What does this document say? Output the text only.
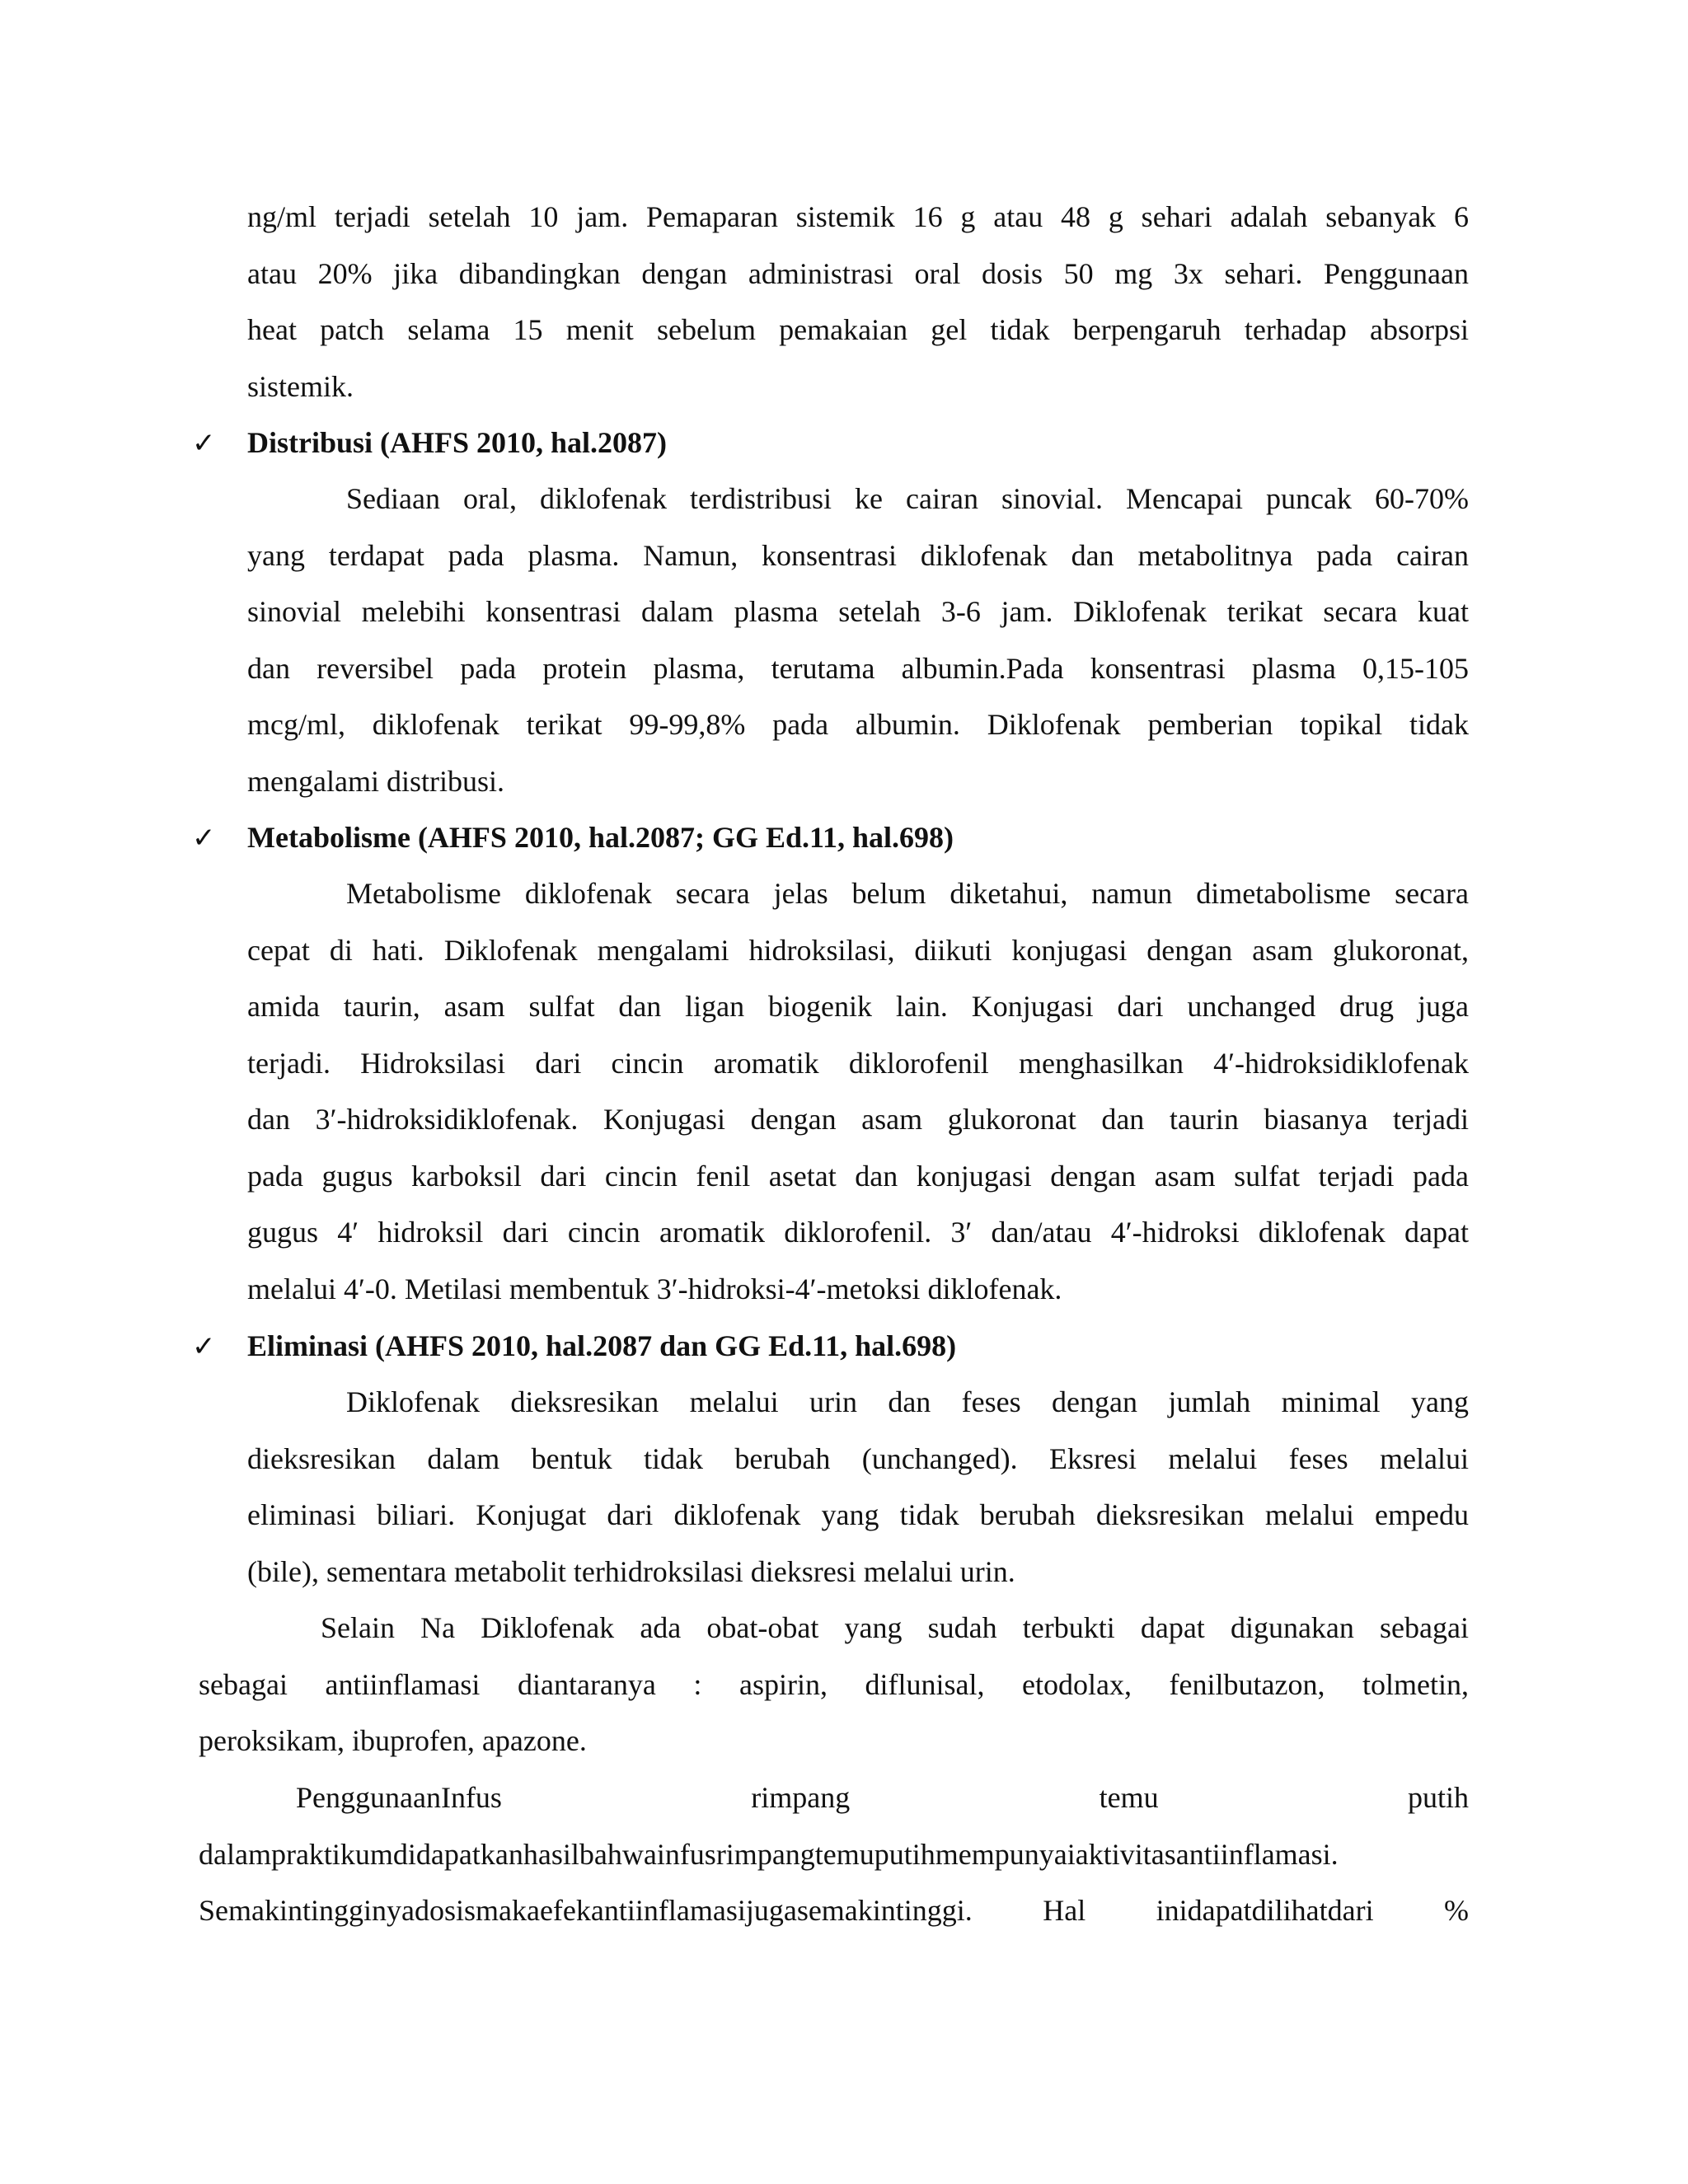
ng/ml terjadi setelah 10 jam. Pemaparan sistemik 16 g atau 48 g sehari adalah sebanyak 6
atau 20% jika dibandingkan dengan administrasi oral dosis 50 mg 3x sehari. Penggunaan
heat patch selama 15 menit sebelum pemakaian gel tidak berpengaruh terhadap absorpsi
sistemik.
✓ Distribusi (AHFS 2010, hal.2087)
Sediaan oral, diklofenak terdistribusi ke cairan sinovial. Mencapai puncak 60-70%
yang terdapat pada plasma. Namun, konsentrasi diklofenak dan metabolitnya pada cairan
sinovial melebihi konsentrasi dalam plasma setelah 3-6 jam. Diklofenak terikat secara kuat
dan reversibel pada protein plasma, terutama albumin.Pada konsentrasi plasma 0,15-105
mcg/ml, diklofenak terikat 99-99,8% pada albumin. Diklofenak pemberian topikal tidak
mengalami distribusi.
✓ Metabolisme (AHFS 2010, hal.2087; GG Ed.11, hal.698)
Metabolisme diklofenak secara jelas belum diketahui, namun dimetabolisme secara
cepat di hati. Diklofenak mengalami hidroksilasi, diikuti konjugasi dengan asam glukoronat,
amida taurin, asam sulfat dan ligan biogenik lain. Konjugasi dari unchanged drug juga
terjadi. Hidroksilasi dari cincin aromatik diklorofenil menghasilkan 4′-hidroksidiklofenak
dan 3′-hidroksidiklofenak. Konjugasi dengan asam glukoronat dan taurin biasanya terjadi
pada gugus karboksil dari cincin fenil asetat dan konjugasi dengan asam sulfat terjadi pada
gugus 4′ hidroksil dari cincin aromatik diklorofenil. 3′ dan/atau 4′-hidroksi diklofenak dapat
melalui 4′-0. Metilasi membentuk 3′-hidroksi-4′-metoksi diklofenak.
✓ Eliminasi (AHFS 2010, hal.2087 dan GG Ed.11, hal.698)
Diklofenak dieksresikan melalui urin dan feses dengan jumlah minimal yang
dieksresikan dalam bentuk tidak berubah (unchanged). Eksresi melalui feses melalui
eliminasi biliari. Konjugat dari diklofenak yang tidak berubah dieksresikan melalui empedu
(bile), sementara metabolit terhidroksilasi dieksresi melalui urin.
Selain Na Diklofenak ada obat-obat yang sudah terbukti dapat digunakan sebagai
sebagai antiinflamasi diantaranya : aspirin, diflunisal, etodolax, fenilbutazon, tolmetin,
peroksikam, ibuprofen, apazone.
PenggunaanInfus rimpang temu putih
dalampraktikumdidapatkanhasilbahwainfusrimpangtemuputihmempunyaiaktivitasantiinflamasi.
Semakintingginyadosismakaefekantiinflamasijugasemakintinggi. Hal inidapatdilihatdari %
